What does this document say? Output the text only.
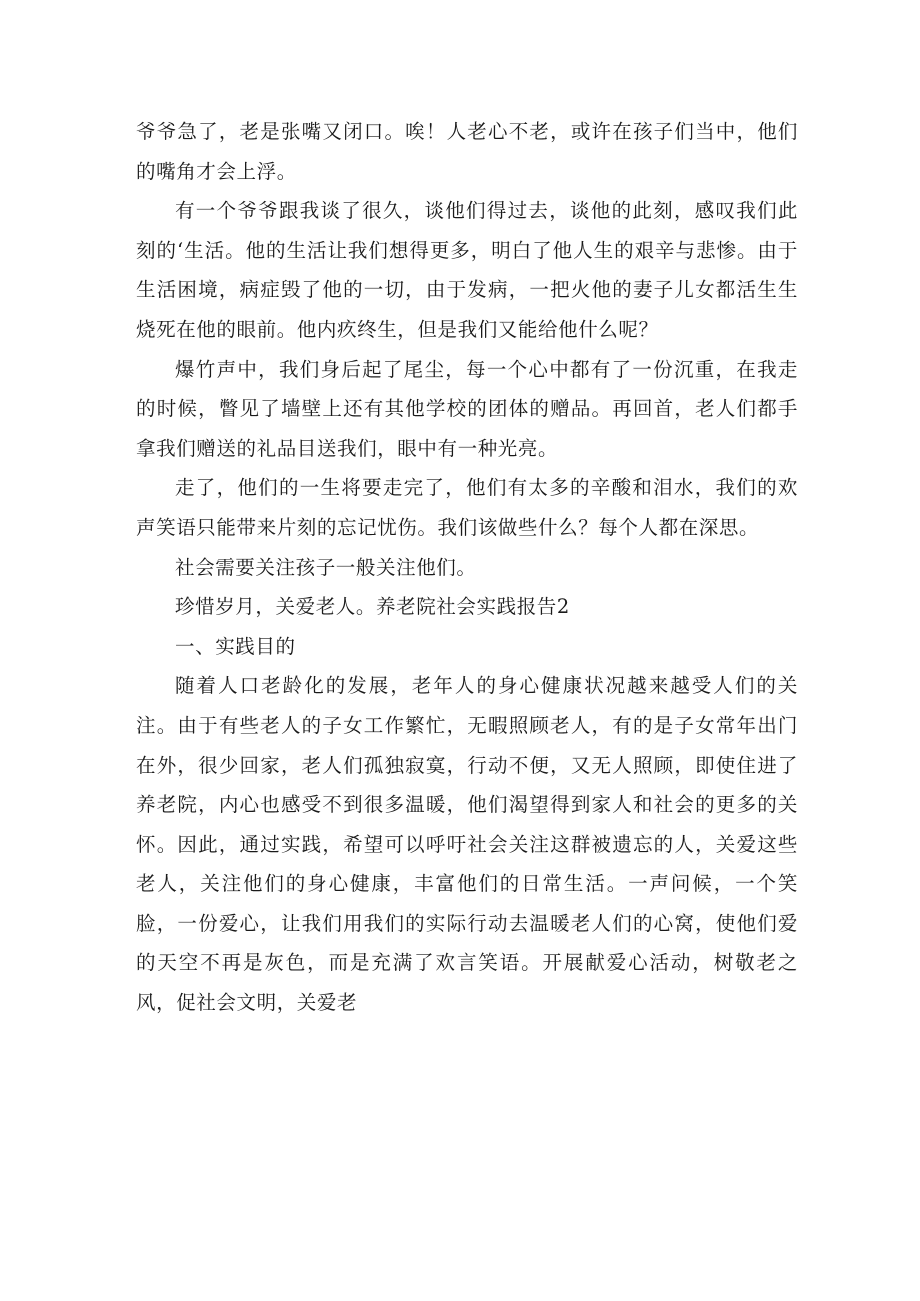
爷爷急了，老是张嘴又闭口。唉！人老心不老，或许在孩子们当中，他们的嘴角才会上浮。

有一个爷爷跟我谈了很久，谈他们得过去，谈他的此刻，感叹我们此刻的‘生活。他的生活让我们想得更多，明白了他人生的艰辛与悲惨。由于生活困境，病症毁了他的一切，由于发病，一把火他的妻子儿女都活生生烧死在他的眼前。他内疚终生，但是我们又能给他什么呢？

爆竹声中，我们身后起了尾尘，每一个心中都有了一份沉重，在我走的时候，瞥见了墙壁上还有其他学校的团体的赠品。再回首，老人们都手拿我们赠送的礼品目送我们，眼中有一种光亮。

走了，他们的一生将要走完了，他们有太多的辛酸和泪水，我们的欢声笑语只能带来片刻的忘记忧伤。我们该做些什么？每个人都在深思。

社会需要关注孩子一般关注他们。

珍惜岁月，关爱老人。养老院社会实践报告2

一、实践目的

随着人口老龄化的发展，老年人的身心健康状况越来越受人们的关注。由于有些老人的子女工作繁忙，无暇照顾老人，有的是子女常年出门在外，很少回家，老人们孤独寂寞，行动不便，又无人照顾，即使住进了养老院，内心也感受不到很多温暖，他们渴望得到家人和社会的更多的关怀。因此，通过实践，希望可以呼吁社会关注这群被遗忘的人，关爱这些老人，关注他们的身心健康，丰富他们的日常生活。一声问候，一个笑脸，一份爱心，让我们用我们的实际行动去温暖老人们的心窝，使他们爱的天空不再是灰色，而是充满了欢言笑语。开展献爱心活动，树敬老之风，促社会文明，关爱老
